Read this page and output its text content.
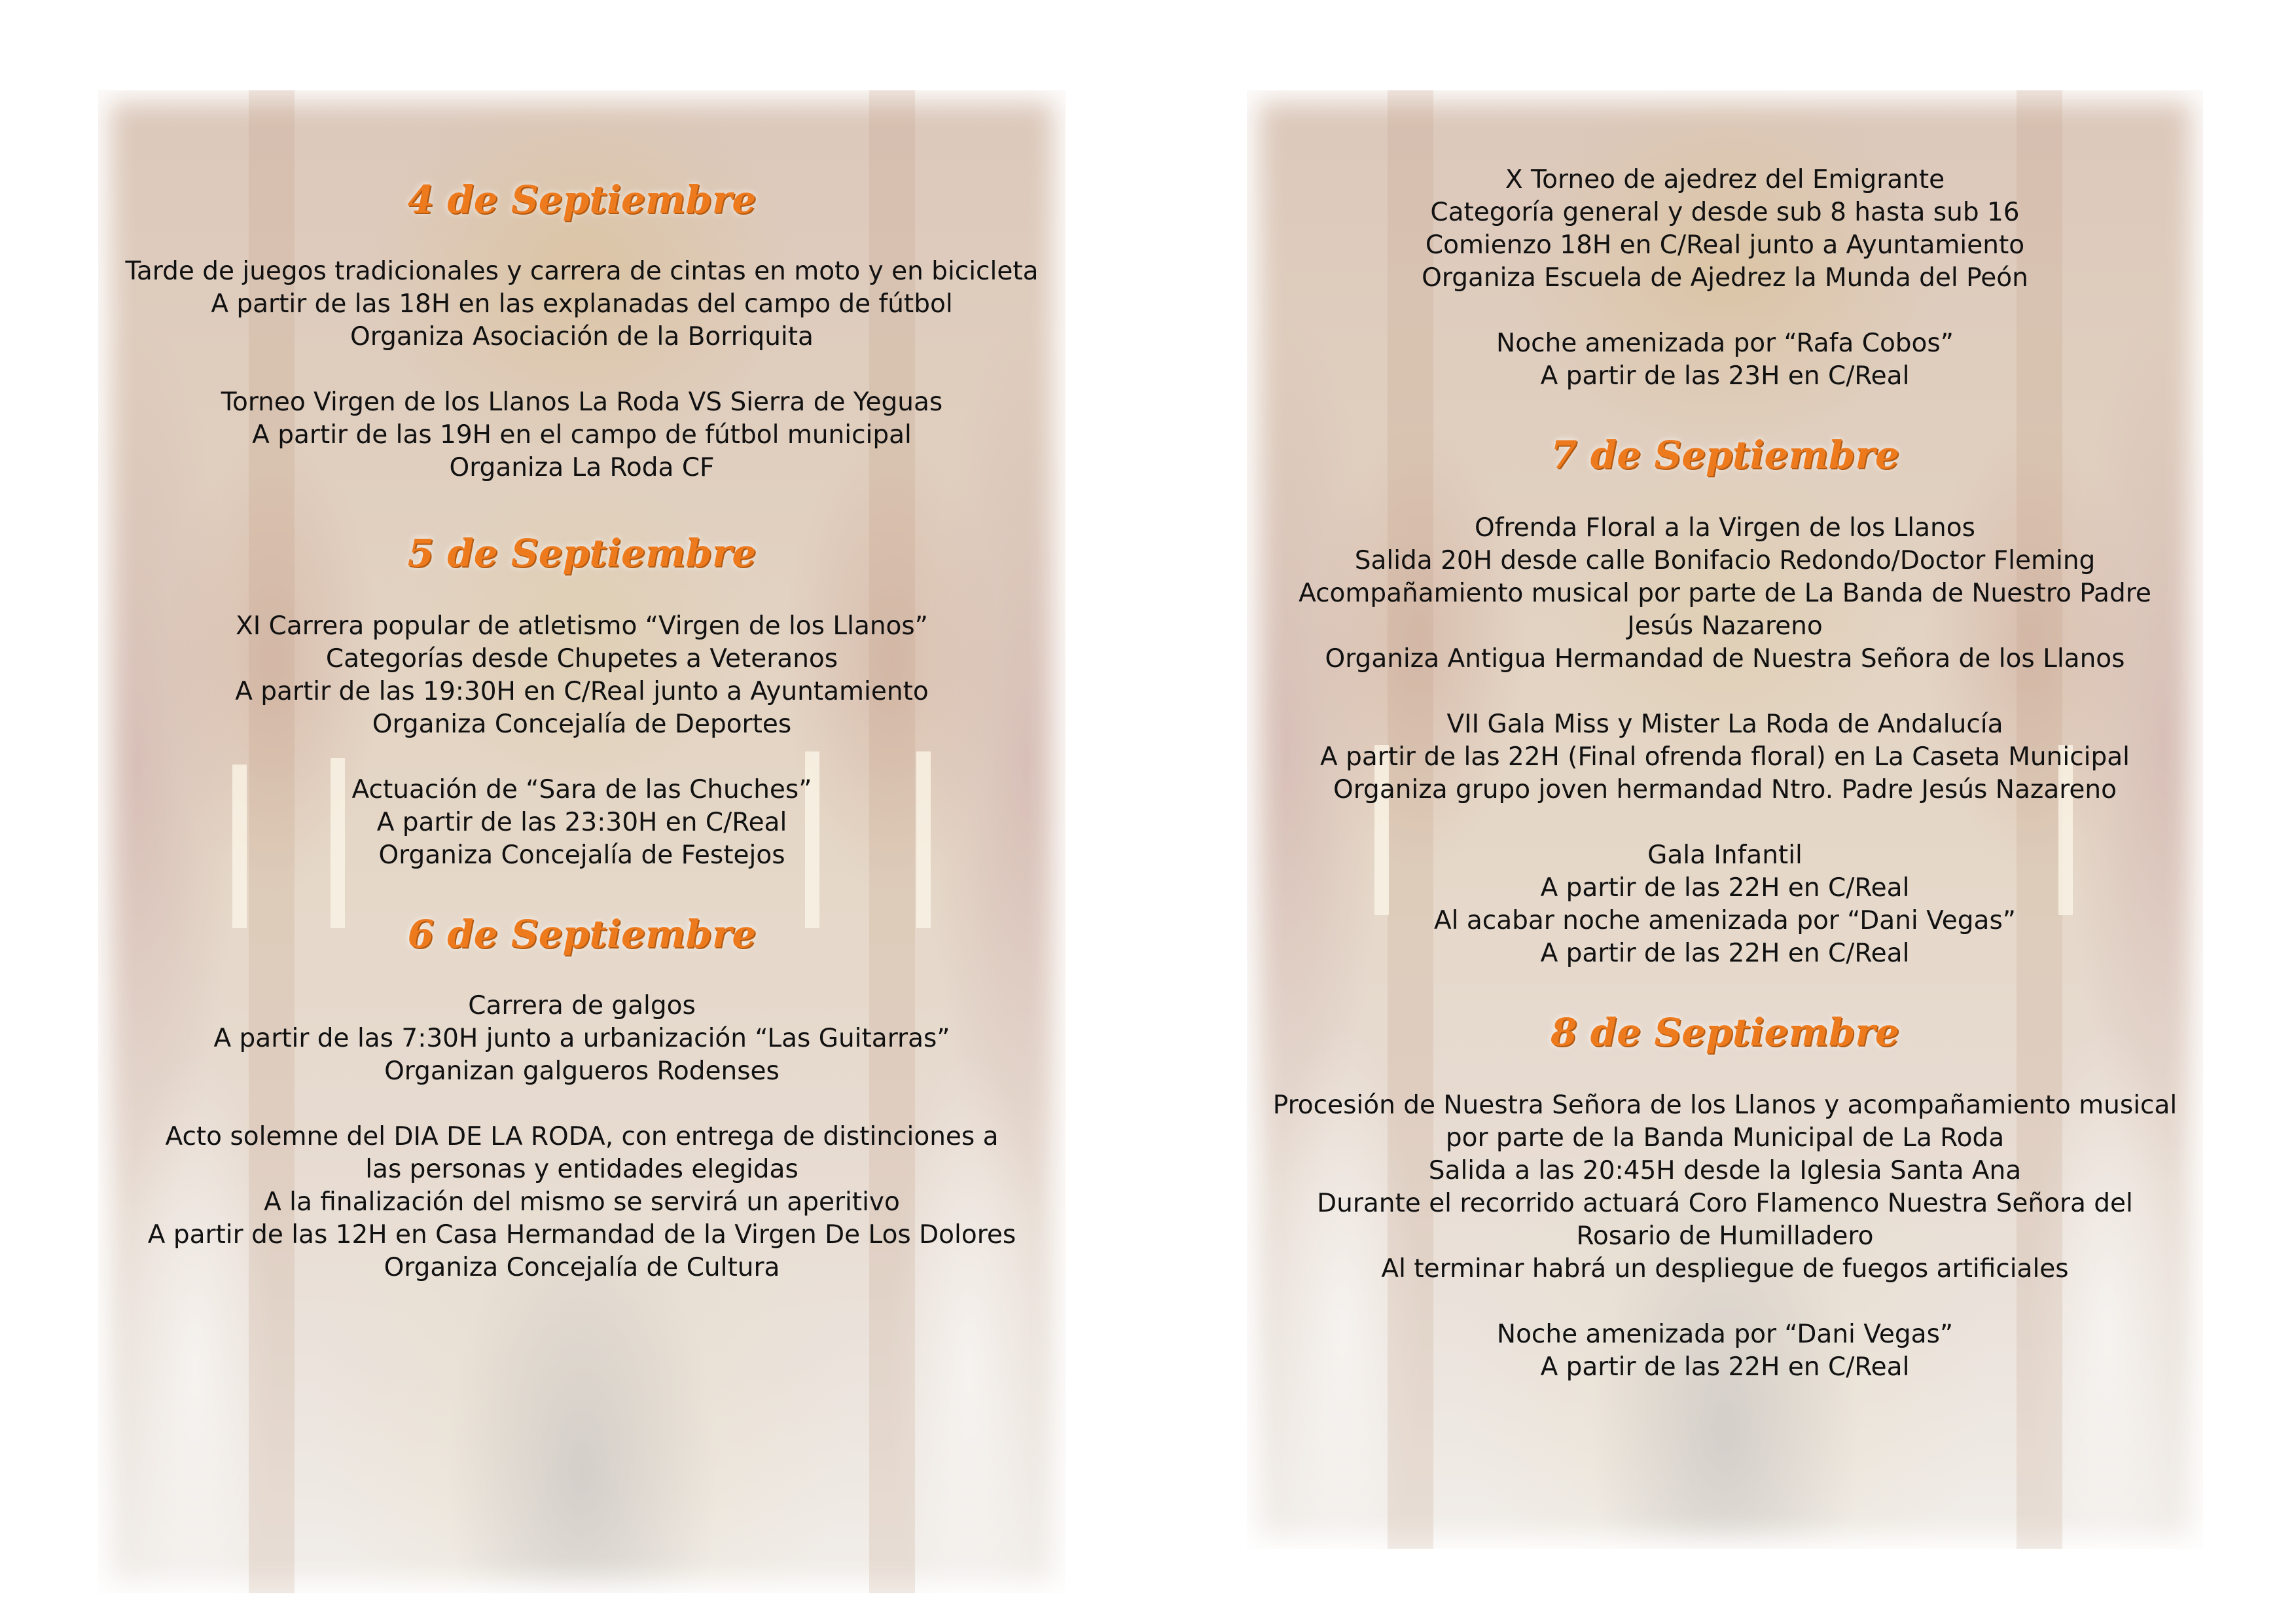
4 de Septiembre
Tarde de juegos tradicionales y carrera de cintas en moto y en bicicleta
A partir de las 18H en las explanadas del campo de fútbol
Organiza Asociación de la Borriquita
Torneo Virgen de los Llanos La Roda VS Sierra de Yeguas
A partir de las 19H en el campo de fútbol municipal
Organiza La Roda CF
5 de Septiembre
XI Carrera popular de atletismo “Virgen de los Llanos”
Categorías desde Chupetes a Veteranos
A partir de las 19:30H en C/Real junto a Ayuntamiento
Organiza Concejalía de Deportes
Actuación de “Sara de las Chuches”
A partir de las 23:30H en C/Real
Organiza Concejalía de Festejos
6 de Septiembre
Carrera de galgos
A partir de las 7:30H junto a urbanización “Las Guitarras”
Organizan galgueros Rodenses
Acto solemne del DIA DE LA RODA, con entrega de distinciones a
las personas y entidades elegidas
A la finalización del mismo se servirá un aperitivo
A partir de las 12H en Casa Hermandad de la Virgen De Los Dolores
Organiza Concejalía de Cultura
X Torneo de ajedrez del Emigrante
Categoría general y desde sub 8 hasta sub 16
Comienzo 18H en C/Real junto a Ayuntamiento
Organiza Escuela de Ajedrez la Munda del Peón
Noche amenizada por “Rafa Cobos”
A partir de las 23H en C/Real
7 de Septiembre
Ofrenda Floral a la Virgen de los Llanos
Salida 20H desde calle Bonifacio Redondo/Doctor Fleming
Acompañamiento musical por parte de La Banda de Nuestro Padre
Jesús Nazareno
Organiza Antigua Hermandad de Nuestra Señora de los Llanos
VII Gala Miss y Mister La Roda de Andalucía
A partir de las 22H (Final ofrenda floral) en La Caseta Municipal
Organiza grupo joven hermandad Ntro. Padre Jesús Nazareno
Gala Infantil
A partir de las 22H en C/Real
Al acabar noche amenizada por “Dani Vegas”
A partir de las 22H en C/Real
8 de Septiembre
Procesión de Nuestra Señora de los Llanos y acompañamiento musical
por parte de la Banda Municipal de La Roda
Salida a las 20:45H desde la Iglesia Santa Ana
Durante el recorrido actuará Coro Flamenco Nuestra Señora del
Rosario de Humilladero
Al terminar habrá un despliegue de fuegos artificiales
Noche amenizada por “Dani Vegas”
A partir de las 22H en C/Real
